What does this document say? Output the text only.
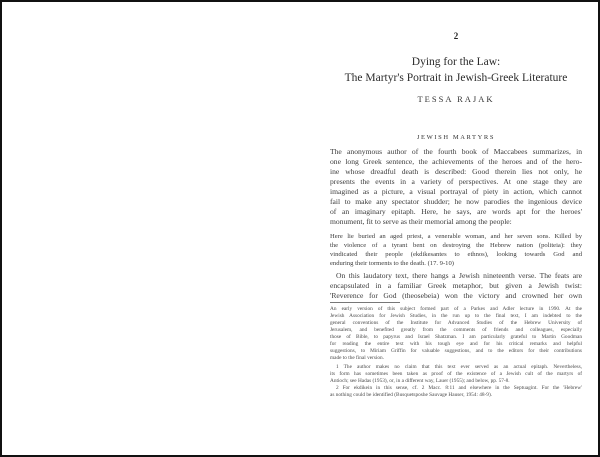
2
Dying for the Law:
The Martyr's Portrait in Jewish-Greek Literature
TESSA RAJAK
JEWISH MARTYRS
The anonymous author of the fourth book of Maccabees summarizes, in
one long Greek sentence, the achievements of the heroes and of the hero-
ine whose dreadful death is described: Good therein lies not only, he
presents the events in a variety of perspectives. At one stage they are
imagined as a picture, a visual portrayal of piety in action, which cannot
fail to make any spectator shudder; he now parodies the ingenious device
of an imaginary epitaph. Here, he says, are words apt for the heroes'
monument, fit to serve as their memorial among the people:
Here lie buried an aged priest, a venerable woman, and her seven sons. Killed by
the violence of a tyrant bent on destroying the Hebrew nation (politeia): they
vindicated their people (ekdikesantes to ethnos), looking towards God and
enduring their torments to the death. (17. 9-10)
On this laudatory text, there hangs a Jewish nineteenth verse. The feats are
encapsulated in a familiar Greek metaphor, but given a Jewish twist:
'Reverence for God (theosebeia) won the victory and crowned her own
An early version of this subject formed part of a Parkes and Adler lecture in 1990. At the
Jewish Association for Jewish Studies, in the run up to the final text, I am indebted to the
general conventions of the Institute for Advanced Studies of the Hebrew University of
Jerusalem, and benefited greatly from the comments of friends and colleagues, especially
those of Bible, to papyrus and Israel Shatzman. I am particularly grateful to Martin Goodman
for reading the entire text with his tough eye and for his critical remarks and helpful
suggestions, to Miriam Griffin for valuable suggestions, and to the editors for their contributions
made to the final version.
1 The author makes no claim that this text ever served as an actual epitaph. Nevertheless,
its form has sometimes been taken as proof of the existence of a Jewish cult of the martyrs of
Antioch; see Hadas (1953), or, in a different way, Lauer (1955); and below, pp. 57-8.
2 For ekdikein in this sense, cf. 2 Macc. 8:11 and elsewhere in the Septuagint. For the 'Hebrew'
as nothing could be identified (Busquetsposhe Sauvage Hauser, 1954: 48-9).
